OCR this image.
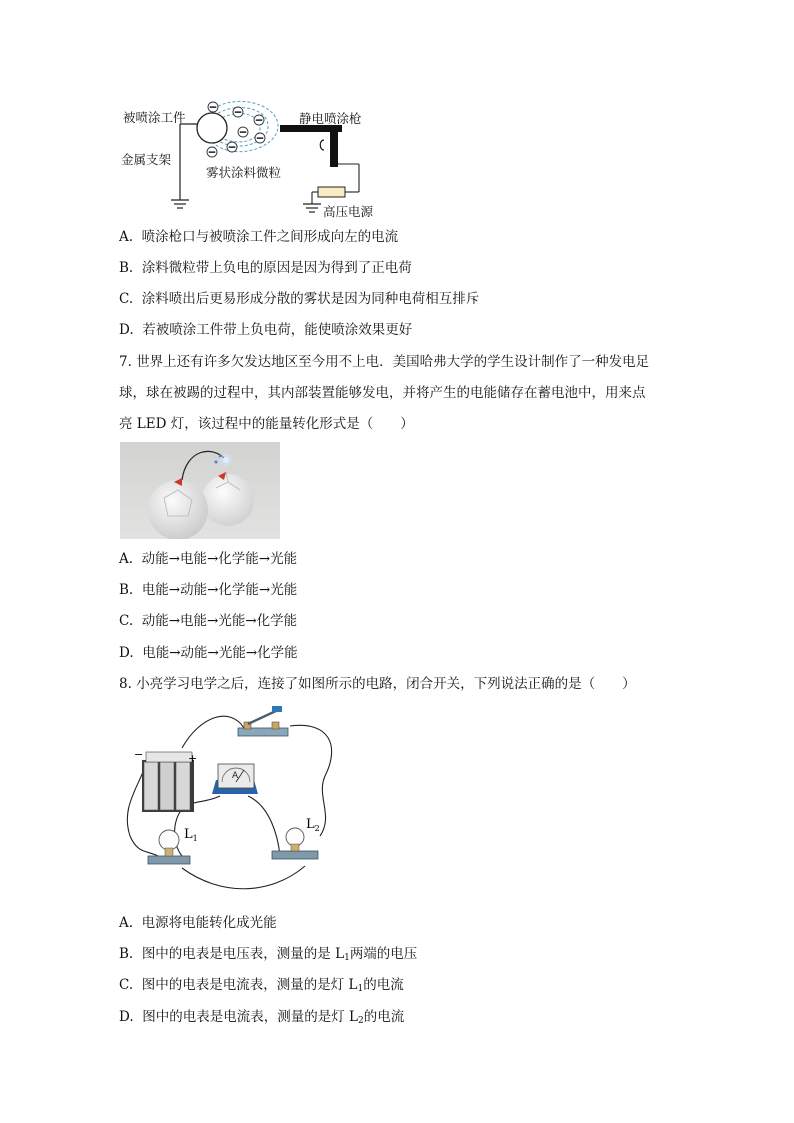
− −
−
−
−
−
−
被喷涂工件	静电喷涂枪
金属支架
雾状涂料微粒
高压电源
A. 喷涂枪口与被喷涂工件之间形成向左的电流
B. 涂料微粒带上负电的原因是因为得到了正电荷
C. 涂料喷出后更易形成分散的雾状是因为同种电荷相互排斥
D. 若被喷涂工件带上负电荷，能使喷涂效果更好
7. 世界上还有许多欠发达地区至今用不上电．美国哈弗大学的学生设计制作了一种发电足
球，球在被踢的过程中，其内部装置能够发电，并将产生的电能储存在蓄电池中，用来点
亮 LED 灯，该过程中的能量转化形式是（　　）
A. 动能→电能→化学能→光能
B. 电能→动能→化学能→光能
C. 动能→电能→光能→化学能
D. 电能→动能→光能→化学能
8. 小亮学习电学之后，连接了如图所示的电路，闭合开关，下列说法正确的是（　　）
−	+
A
$L_1$
$L_2$
A. 电源将电能转化成光能
B. 图中的电表是电压表，测量的是 $L_1$两端的电压
C. 图中的电表是电流表，测量的是灯 $L_1$的电流
D. 图中的电表是电流表，测量的是灯 $L_2$的电流
